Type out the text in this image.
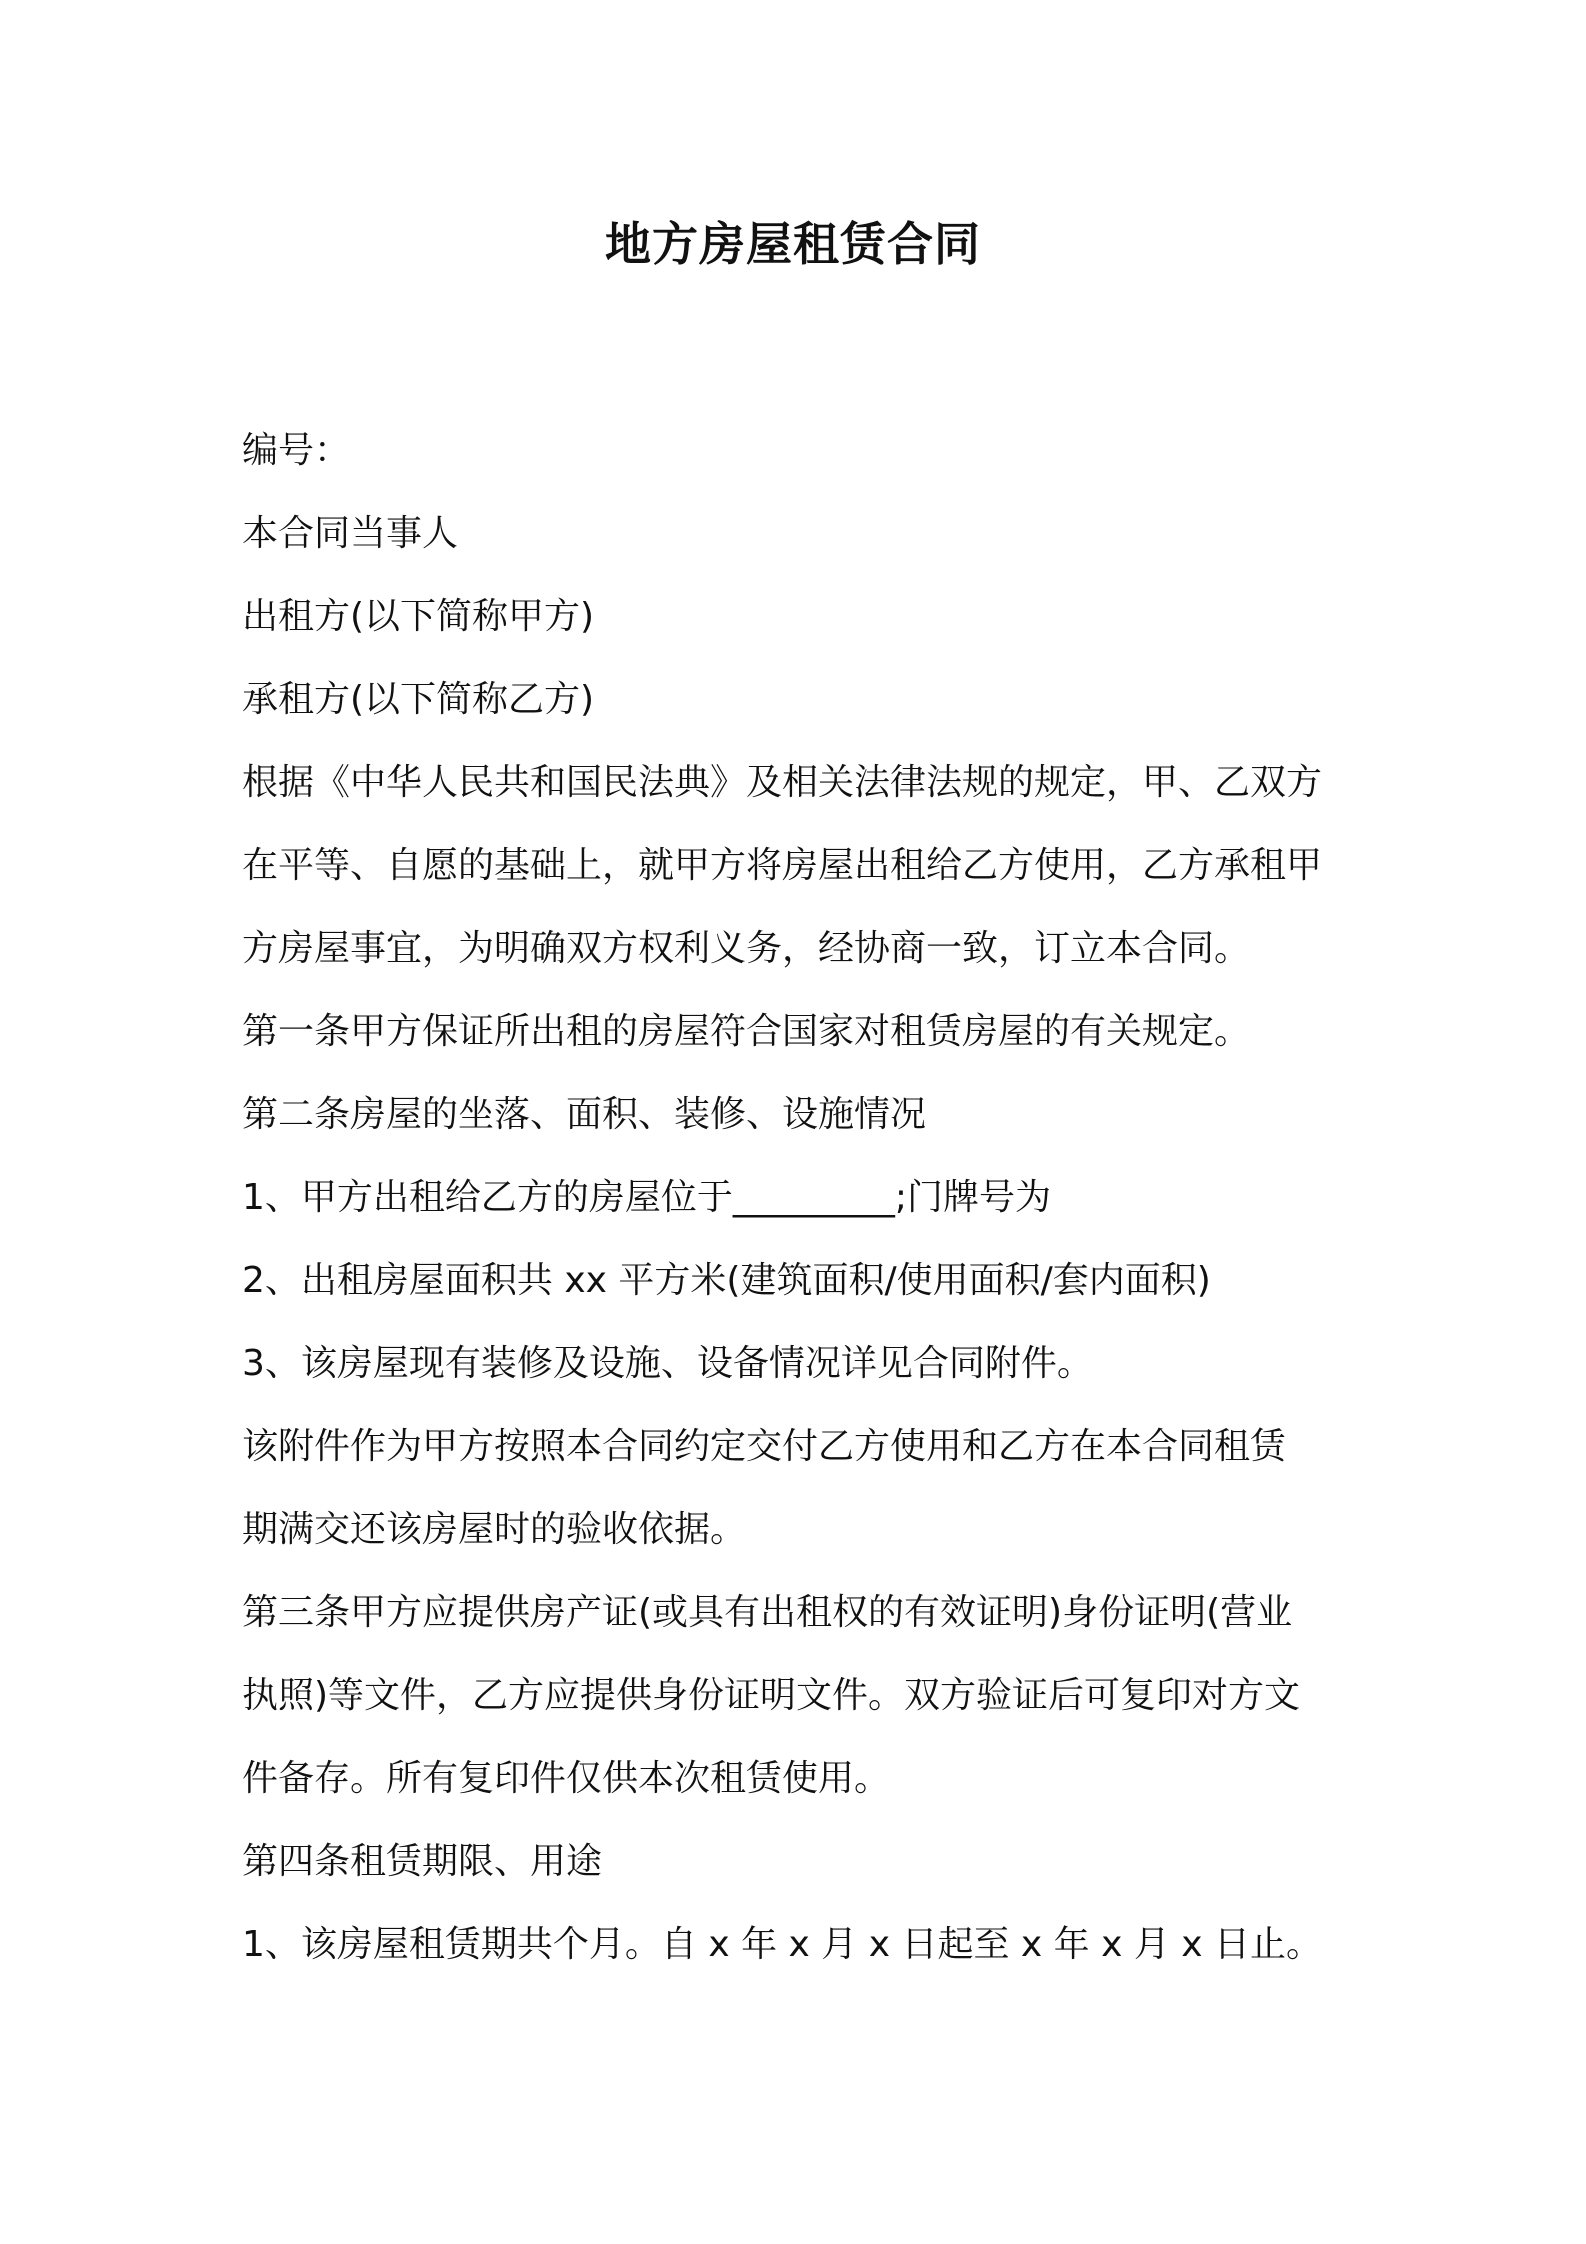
地方房屋租赁合同

编号：

本合同当事人

出租方(以下简称甲方)

承租方(以下简称乙方)

根据《中华人民共和国民法典》及相关法律法规的规定，甲、乙双方

在平等、自愿的基础上，就甲方将房屋出租给乙方使用，乙方承租甲

方房屋事宜，为明确双方权利义务，经协商一致，订立本合同。

第一条甲方保证所出租的房屋符合国家对租赁房屋的有关规定。

第二条房屋的坐落、面积、装修、设施情况

1、甲方出租给乙方的房屋位于_________;门牌号为

2、出租房屋面积共 xx 平方米(建筑面积/使用面积/套内面积)

3、该房屋现有装修及设施、设备情况详见合同附件。

该附件作为甲方按照本合同约定交付乙方使用和乙方在本合同租赁

期满交还该房屋时的验收依据。

第三条甲方应提供房产证(或具有出租权的有效证明)身份证明(营业

执照)等文件，乙方应提供身份证明文件。双方验证后可复印对方文

件备存。所有复印件仅供本次租赁使用。

第四条租赁期限、用途

1、该房屋租赁期共个月。自 x 年 x 月 x 日起至 x 年 x 月 x 日止。
